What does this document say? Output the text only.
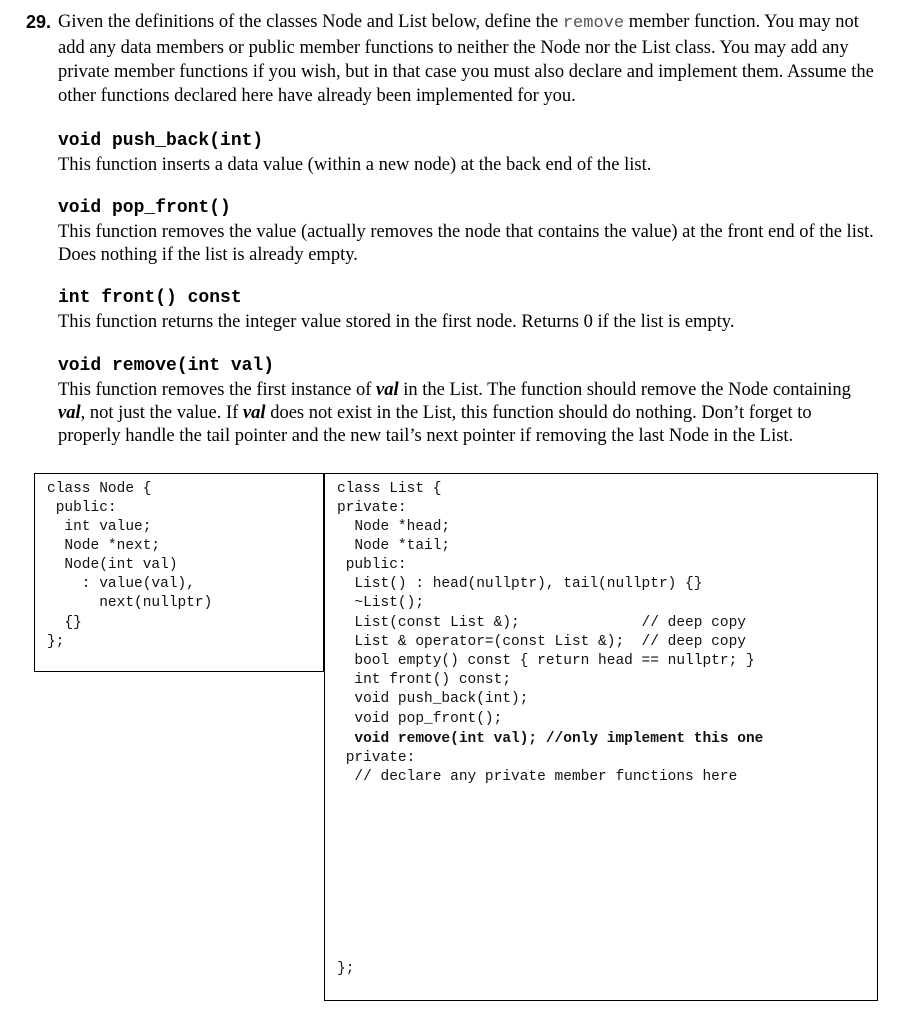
29. Given the definitions of the classes Node and List below, define the remove member function. You may not add any data members or public member functions to neither the Node nor the List class. You may add any private member functions if you wish, but in that case you must also declare and implement them. Assume the other functions declared here have already been implemented for you.
void push_back(int)
This function inserts a data value (within a new node) at the back end of the list.
void pop_front()
This function removes the value (actually removes the node that contains the value) at the front end of the list. Does nothing if the list is already empty.
int front() const
This function returns the integer value stored in the first node. Returns 0 if the list is empty.
void remove(int val)
This function removes the first instance of val in the List. The function should remove the Node containing val, not just the value. If val does not exist in the List, this function should do nothing. Don’t forget to properly handle the tail pointer and the new tail’s next pointer if removing the last Node in the List.
class Node {
public:
int value;
Node *next;
Node(int val)
: value(val),
next(nullptr)
{}
};
class List {
private:
Node *head;
Node *tail;
public:
List() : head(nullptr), tail(nullptr) {}
~List();
List(const List &);              // deep copy
List & operator=(const List &);  // deep copy
bool empty() const { return head == nullptr; }
int front() const;
void push_back(int);
void pop_front();
void remove(int val); //only implement this one
private:
// declare any private member functions here
};
